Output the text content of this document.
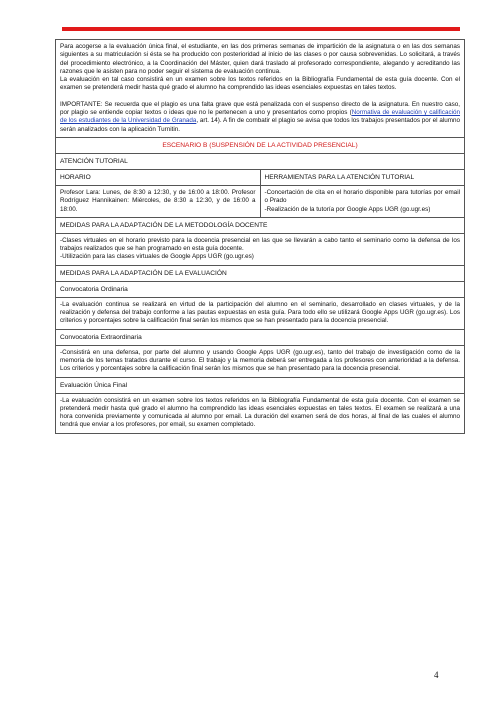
Para acogerse a la evaluación única final, el estudiante, en las dos primeras semanas de impartición de la asignatura o en las dos semanas siguientes a su matriculación si ésta se ha producido con posterioridad al inicio de las clases o por causa sobrevenidas. Lo solicitará, a través del procedimiento electrónico, a la Coordinación del Máster, quien dará traslado al profesorado correspondiente, alegando y acreditando las razones que le asisten para no poder seguir el sistema de evaluación continua.

La evaluación en tal caso consistirá en un examen sobre los textos referidos en la Bibliografía Fundamental de esta guía docente. Con el examen se pretenderá medir hasta qué grado el alumno ha comprendido las ideas esenciales expuestas en tales textos.

IMPORTANTE: Se recuerda que el plagio es una falta grave que está penalizada con el suspenso directo de la asignatura. En nuestro caso, por plagio se entiende copiar textos o ideas que no le pertenecen a uno y presentarlos como propios (Normativa de evaluación y calificación de los estudiantes de la Universidad de Granada, art. 14). A fin de combatir el plagio se avisa que todos los trabajos presentados por el alumno serán analizados con la aplicación Turnitin.

ESCENARIO B (SUSPENSIÓN DE LA ACTIVIDAD PRESENCIAL)
ATENCIÓN TUTORIAL
HORARIO	HERRAMIENTAS PARA LA ATENCIÓN TUTORIAL

Profesor Lara: Lunes, de 8:30 a 12:30, y de 16:00 a 18:00. Profesor Rodríguez Hannikainen: Miércoles, de 8:30 a 12:30, y de 16:00 a 18:00.

-Concertación de cita en el horario disponible para tutorías por email o Prado

-Realización de la tutoría por Google Apps UGR (go.ugr.es)

MEDIDAS PARA LA ADAPTACIÓN DE LA METODOLOGÍA DOCENTE

-Clases virtuales en el horario previsto para la docencia presencial en las que se llevarán a cabo tanto el seminario como la defensa de los trabajos realizados que se han programado en esta guía docente.

-Utilización para las clases virtuales de Google Apps UGR (go.ugr.es)

MEDIDAS PARA LA ADAPTACIÓN DE LA EVALUACIÓN
Convocatoria Ordinaria

-La evaluación continua se realizará en virtud de la participación del alumno en el seminario, desarrollado en clases virtuales, y de la realización y defensa del trabajo conforme a las pautas expuestas en esta guía. Para todo ello se utilizará Google Apps UGR (go.ugr.es). Los criterios y porcentajes sobre la calificación final serán los mismos que se han presentado para la docencia presencial.

Convocatoria Extraordinaria

-Consistirá en una defensa, por parte del alumno y usando Google Apps UGR (go.ugr.es), tanto del trabajo de investigación como de la memoria de los temas tratados durante el curso. El trabajo y la memoria deberá ser entregada a los profesores con anterioridad a la defensa. Los criterios y porcentajes sobre la calificación final serán los mismos que se han presentado para la docencia presencial.

Evaluación Única Final

-La evaluación consistirá en un examen sobre los textos referidos en la Bibliografía Fundamental de esta guía docente. Con el examen se pretenderá medir hasta qué grado el alumno ha comprendido las ideas esenciales expuestas en tales textos. El examen se realizará a una hora convenida previamente y comunicada al alumno por email. La duración del examen será de dos horas, al final de las cuales el alumno tendrá que enviar a los profesores, por email, su examen completado.

4
